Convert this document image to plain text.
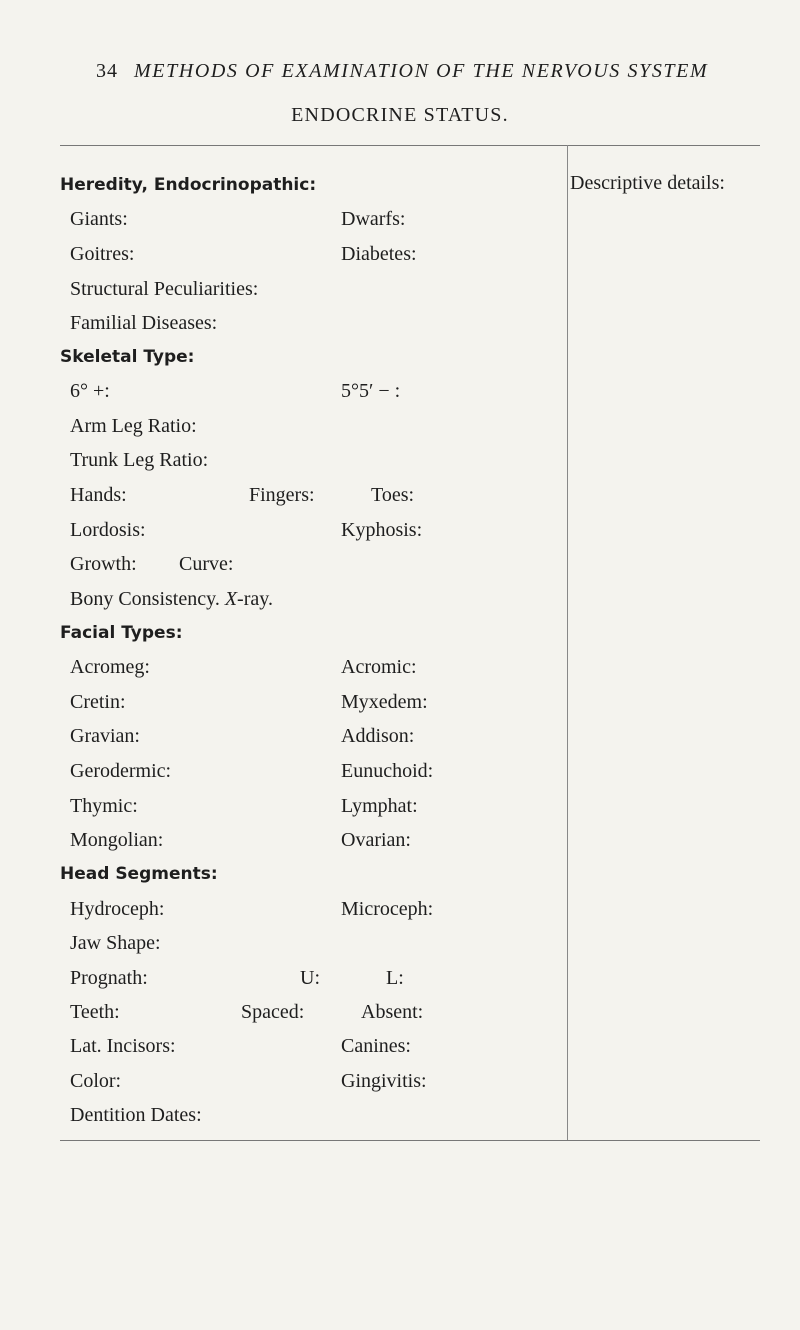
34 METHODS OF EXAMINATION OF THE NERVOUS SYSTEM
ENDOCRINE STATUS.
Descriptive details:
Heredity, Endocrinopathic:
Giants:	Dwarfs:
Goitres:	Diabetes:
Structural Peculiarities:
Familial Diseases:
Skeletal Type:
6° +:	5°5′ − :
Arm Leg Ratio:
Trunk Leg Ratio:
Hands:	Fingers:	Toes:
Lordosis:	Kyphosis:
Growth: Curve:
Bony Consistency. X-ray.
Facial Types:
Acromeg:	Acromic:
Cretin:	Myxedem:
Gravian:	Addison:
Gerodermic:	Eunuchoid:
Thymic:	Lymphat:
Mongolian:	Ovarian:
Head Segments:
Hydroceph:	Microceph:
Jaw Shape:
Prognath:	U:	L:
Teeth:	Spaced:	Absent:
Lat. Incisors:	Canines:
Color:	Gingivitis:
Dentition Dates:
